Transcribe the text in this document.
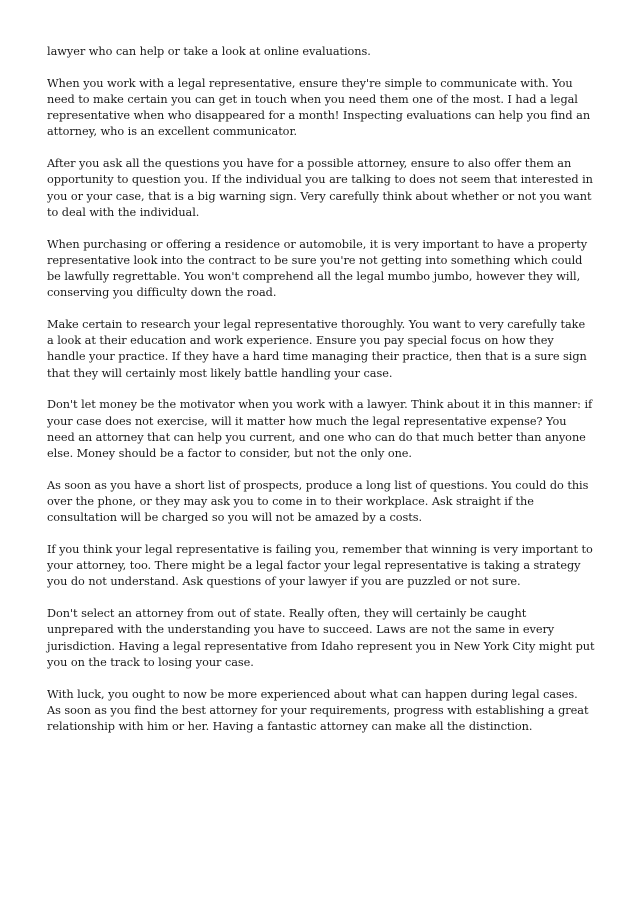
lawyer who can help or take a look at online evaluations.

When you work with a legal representative, ensure they're simple to communicate with. You need to make certain you can get in touch when you need them one of the most. I had a legal representative when who disappeared for a month! Inspecting evaluations can help you find an attorney, who is an excellent communicator.

After you ask all the questions you have for a possible attorney, ensure to also offer them an opportunity to question you. If the individual you are talking to does not seem that interested in you or your case, that is a big warning sign. Very carefully think about whether or not you want to deal with the individual.

When purchasing or offering a residence or automobile, it is very important to have a property representative look into the contract to be sure you're not getting into something which could be lawfully regrettable. You won't comprehend all the legal mumbo jumbo, however they will, conserving you difficulty down the road.

Make certain to research your legal representative thoroughly. You want to very carefully take a look at their education and work experience. Ensure you pay special focus on how they handle your practice. If they have a hard time managing their practice, then that is a sure sign that they will certainly most likely battle handling your case.

Don't let money be the motivator when you work with a lawyer. Think about it in this manner: if your case does not exercise, will it matter how much the legal representative expense? You need an attorney that can help you current, and one who can do that much better than anyone else. Money should be a factor to consider, but not the only one.

As soon as you have a short list of prospects, produce a long list of questions. You could do this over the phone, or they may ask you to come in to their workplace. Ask straight if the consultation will be charged so you will not be amazed by a costs.

If you think your legal representative is failing you, remember that winning is very important to your attorney, too. There might be a legal factor your legal representative is taking a strategy you do not understand. Ask questions of your lawyer if you are puzzled or not sure.

Don't select an attorney from out of state. Really often, they will certainly be caught unprepared with the understanding you have to succeed. Laws are not the same in every jurisdiction. Having a legal representative from Idaho represent you in New York City might put you on the track to losing your case.

With luck, you ought to now be more experienced about what can happen during legal cases. As soon as you find the best attorney for your requirements, progress with establishing a great relationship with him or her. Having a fantastic attorney can make all the distinction.
